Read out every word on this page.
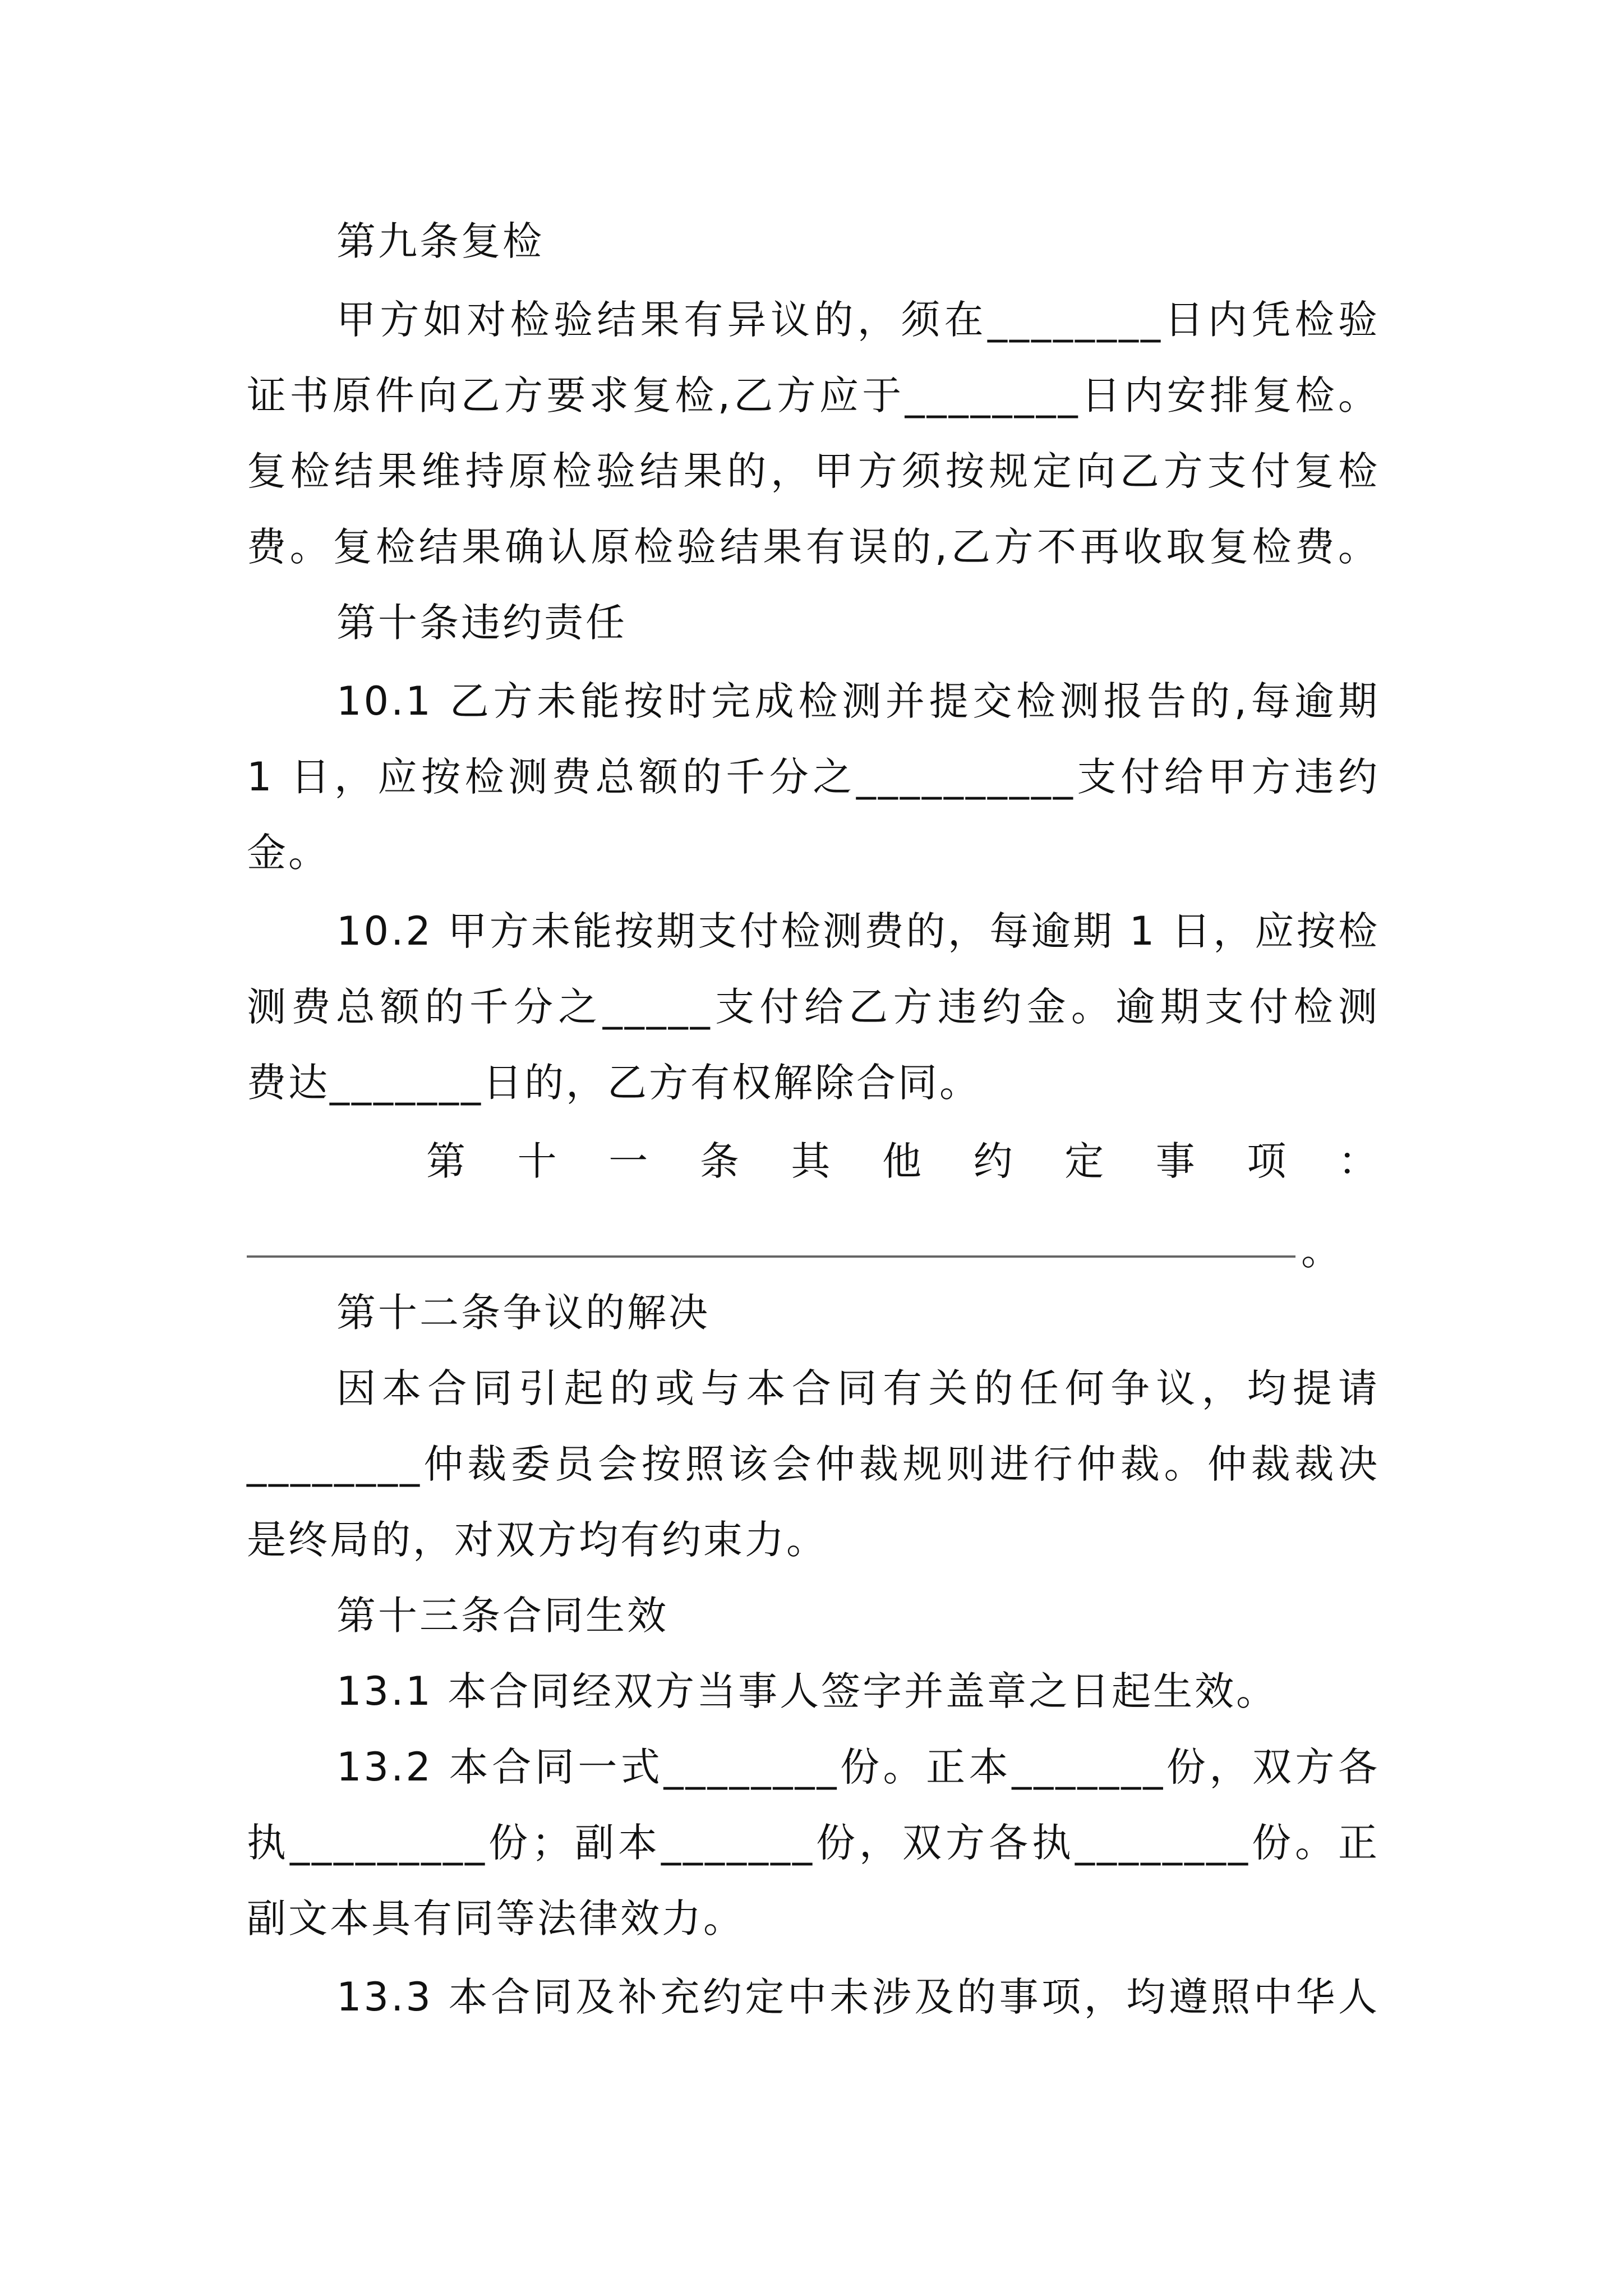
第九条复检
甲方如对检验结果有异议的，须在________日内凭检验
证书原件向乙方要求复检,乙方应于________日内安排复检。
复检结果维持原检验结果的，甲方须按规定向乙方支付复检
费。复检结果确认原检验结果有误的,乙方不再收取复检费。
第十条违约责任
10.1 乙方未能按时完成检测并提交检测报告的,每逾期
1 日，应按检测费总额的千分之__________支付给甲方违约
金。
10.2 甲方未能按期支付检测费的，每逾期 1 日，应按检
测费总额的千分之_____支付给乙方违约金。逾期支付检测
费达_______日的，乙方有权解除合同。
第 十 一 条 其 他 约 定 事 项 ：
。
第十二条争议的解决
因本合同引起的或与本合同有关的任何争议，均提请
________仲裁委员会按照该会仲裁规则进行仲裁。仲裁裁决
是终局的，对双方均有约束力。
第十三条合同生效
13.1 本合同经双方当事人签字并盖章之日起生效。
13.2 本合同一式________份。正本_______份，双方各
执_________份；副本_______份，双方各执________份。正
副文本具有同等法律效力。
13.3 本合同及补充约定中未涉及的事项，均遵照中华人
